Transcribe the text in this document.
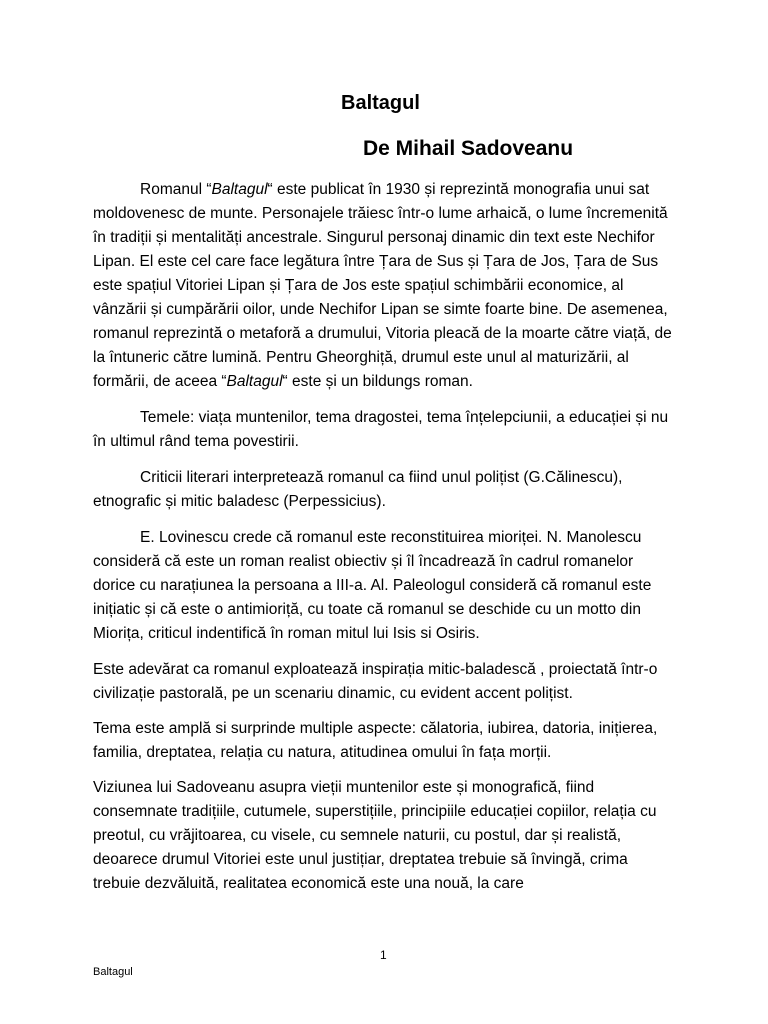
Baltagul
De Mihail Sadoveanu

Romanul “Baltagul“ este publicat în 1930 și reprezintă monografia unui sat moldovenesc de munte. Personajele trăiesc într-o lume arhaică, o lume încremenită în tradiții și mentalități ancestrale. Singurul personaj dinamic din text este Nechifor Lipan. El este cel care face legătura între Țara de Sus și Țara de Jos, Țara de Sus este spațiul Vitoriei Lipan și Țara de Jos este spațiul schimbării economice, al vânzării și cumpărării oilor, unde Nechifor Lipan se simte foarte bine. De asemenea, romanul reprezintă o metaforă a drumului, Vitoria pleacă de la moarte către viață, de la întuneric către lumină. Pentru Gheorghiță, drumul este unul al maturizării, al formării, de aceea “Baltagul“ este și un bildungs roman.

Temele: viața muntenilor, tema dragostei, tema înțelepciunii, a educației și nu în ultimul rând tema povestirii.

Criticii literari interpretează romanul ca fiind unul polițist (G.Călinescu), etnografic și mitic baladesc (Perpessicius).

E. Lovinescu crede că romanul este reconstituirea mioriței. N. Manolescu consideră că este un roman realist obiectiv și îl încadrează în cadrul romanelor dorice cu narațiunea la persoana a III-a. Al. Paleologul consideră că romanul este inițiatic și că este o antimioriță, cu toate că romanul se deschide cu un motto din Miorița, criticul indentifică în roman mitul lui Isis si Osiris.

Este adevărat ca romanul exploatează inspirația mitic-baladescă , proiectată într-o civilizație pastorală, pe un scenariu dinamic, cu evident accent polițist.

Tema este amplă si surprinde multiple aspecte: călatoria, iubirea, datoria, inițierea, familia, dreptatea, relația cu natura, atitudinea omului în fața morții.

Viziunea lui Sadoveanu asupra vieții muntenilor este și monografică, fiind consemnate tradițiile, cutumele, superstițiile, principiile educației copiilor, relația cu preotul, cu vrăjitoarea, cu visele, cu semnele naturii, cu postul, dar și realistă, deoarece drumul Vitoriei este unul justițiar, dreptatea trebuie să învingă, crima trebuie dezvăluită, realitatea economică este una nouă, la care

1

Baltagul
